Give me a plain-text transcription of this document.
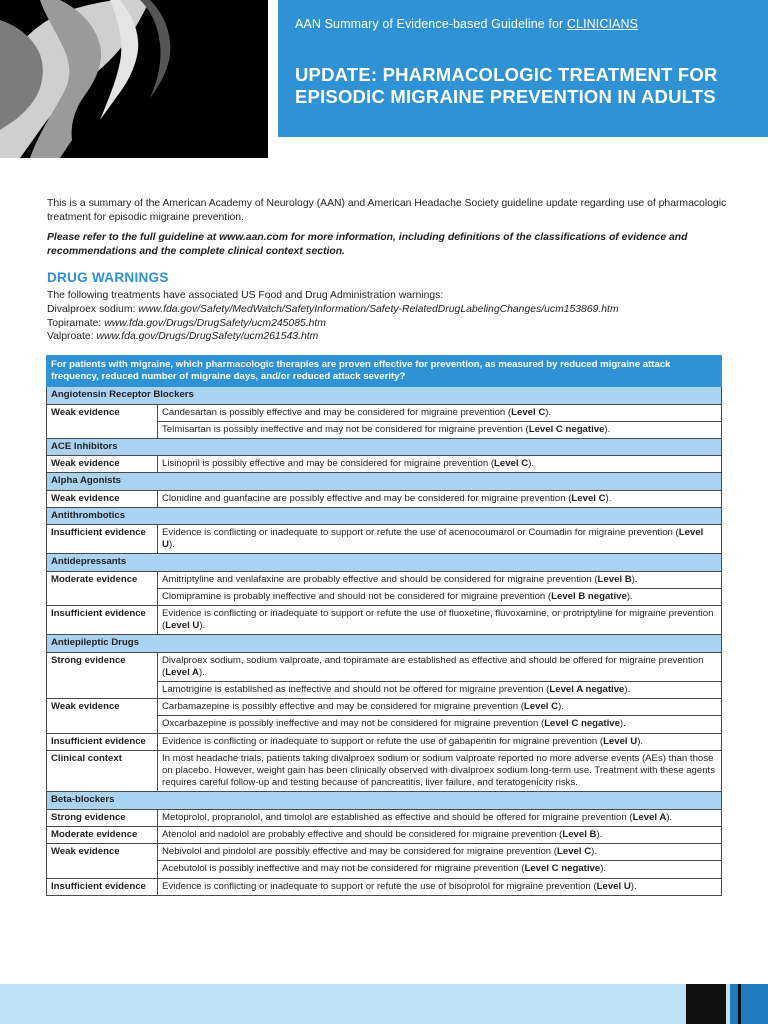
AAN Summary of Evidence-based Guideline for CLINICIANS
UPDATE: PHARMACOLOGIC TREATMENT FOR
EPISODIC MIGRAINE PREVENTION IN ADULTS

This is a summary of the American Academy of Neurology (AAN) and American Headache Society guideline update regarding use of pharmacologic treatment for episodic migraine prevention.

Please refer to the full guideline at www.aan.com for more information, including definitions of the classifications of evidence and recommendations and the complete clinical context section.

DRUG WARNINGS
The following treatments have associated US Food and Drug Administration warnings:
Divalproex sodium: www.fda.gov/Safety/MedWatch/SafetyInformation/Safety-RelatedDrugLabelingChanges/ucm153869.htm
Topiramate: www.fda.gov/Drugs/DrugSafety/ucm245085.htm
Valproate: www.fda.gov/Drugs/DrugSafety/ucm261543.htm
For patients with migraine, which pharmacologic therapies are proven effective for prevention, as measured by reduced migraine attack frequency, reduced number of migraine days, and/or reduced attack severity?	
Angiotensin Receptor Blockers	
Weak evidence	Candesartan is possibly effective and may be considered for migraine prevention (Level C).
	Telmisartan is possibly ineffective and may not be considered for migraine prevention (Level C negative).
ACE Inhibitors	
Weak evidence	Lisinopril is possibly effective and may be considered for migraine prevention (Level C).
Alpha Agonists	
Weak evidence	Clonidine and guanfacine are possibly effective and may be considered for migraine prevention (Level C).
Antithrombotics	
Insufficient evidence	Evidence is conflicting or inadequate to support or refute the use of acenocoumarol or Coumadin for migraine prevention (Level U).
Antidepressants	
Moderate evidence	Amitriptyline and venlafaxine are probably effective and should be considered for migraine prevention (Level B).
	Clomipramine is probably ineffective and should not be considered for migraine prevention (Level B negative).
Insufficient evidence	Evidence is conflicting or inadequate to support or refute the use of fluoxetine, fluvoxamine, or protriptyline for migraine prevention (Level U).
Antiepileptic Drugs	
Strong evidence	Divalproex sodium, sodium valproate, and topiramate are established as effective and should be offered for migraine prevention (Level A).
	Lamotrigine is established as ineffective and should not be offered for migraine prevention (Level A negative).
Weak evidence	Carbamazepine is possibly effective and may be considered for migraine prevention (Level C).
	Oxcarbazepine is possibly ineffective and may not be considered for migraine prevention (Level C negative).
Insufficient evidence	Evidence is conflicting or inadequate to support or refute the use of gabapentin for migraine prevention (Level U).
Clinical context	In most headache trials, patients taking divalproex sodium or sodium valproate reported no more adverse events (AEs) than those on placebo. However, weight gain has been clinically observed with divalproex sodium long-term use. Treatment with these agents requires careful follow-up and testing because of pancreatitis, liver failure, and teratogenicity risks.
Beta-blockers	
Strong evidence	Metoprolol, propranolol, and timolol are established as effective and should be offered for migraine prevention (Level A).
Moderate evidence	Atenolol and nadolol are probably effective and should be considered for migraine prevention (Level B).
Weak evidence	Nebivolol and pindolol are possibly effective and may be considered for migraine prevention (Level C).
	Acebutolol is possibly ineffective and may not be considered for migraine prevention (Level C negative).
Insufficient evidence	Evidence is conflicting or inadequate to support or refute the use of bisoprolol for migraine prevention (Level U).
